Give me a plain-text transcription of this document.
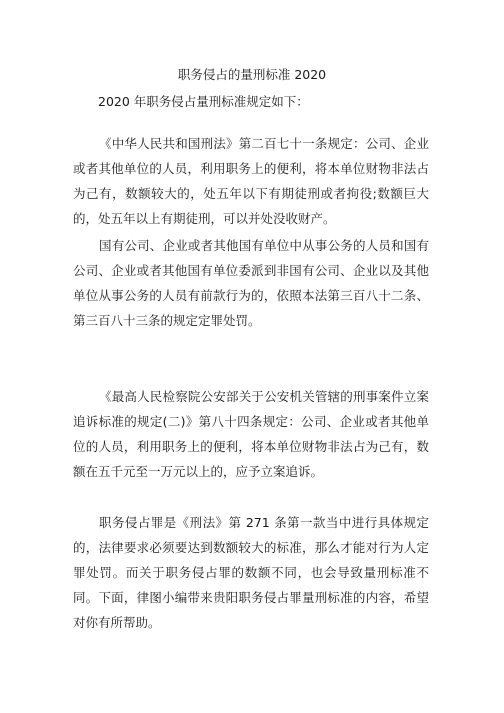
职务侵占的量刑标准 2020
2020 年职务侵占量刑标准规定如下：

《中华人民共和国刑法》第二百七十一条规定：公司、企业或者其他单位的人员，利用职务上的便利，将本单位财物非法占为己有，数额较大的，处五年以下有期徒刑或者拘役;数额巨大的，处五年以上有期徒刑，可以并处没收财产。

国有公司、企业或者其他国有单位中从事公务的人员和国有公司、企业或者其他国有单位委派到非国有公司、企业以及其他单位从事公务的人员有前款行为的，依照本法第三百八十二条、第三百八十三条的规定定罪处罚。

《最高人民检察院公安部关于公安机关管辖的刑事案件立案追诉标准的规定(二)》第八十四条规定：公司、企业或者其他单位的人员，利用职务上的便利，将本单位财物非法占为己有，数额在五千元至一万元以上的，应予立案追诉。

职务侵占罪是《刑法》第 271 条第一款当中进行具体规定的，法律要求必须要达到数额较大的标准，那么才能对行为人定罪处罚。而关于职务侵占罪的数额不同，也会导致量刑标准不同。下面，律图小编带来贵阳职务侵占罪量刑标准的内容，希望对你有所帮助。
